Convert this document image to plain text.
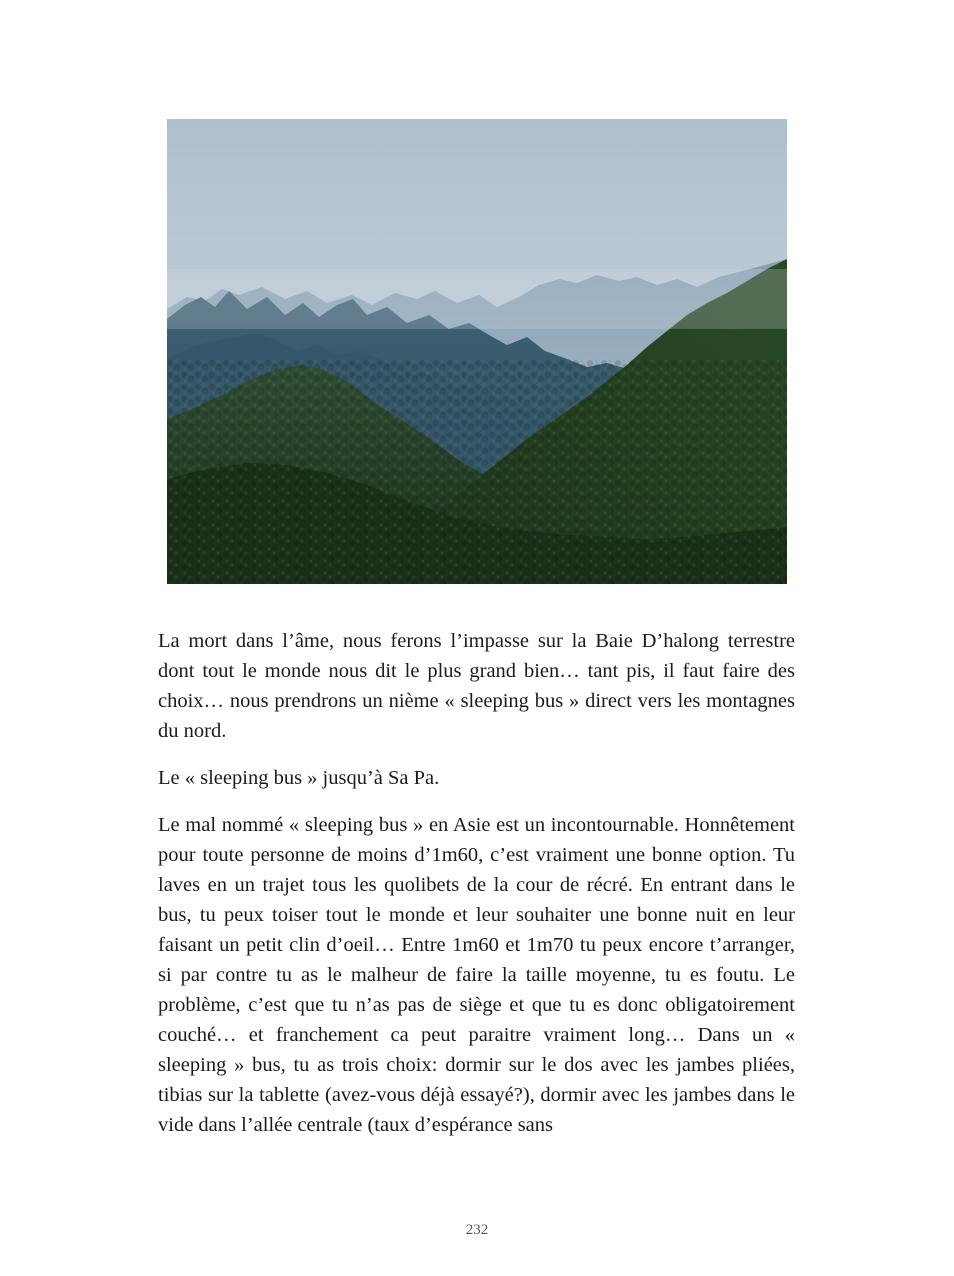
La mort dans l’âme, nous ferons l’impasse sur la Baie D’halong terrestre dont tout le monde nous dit le plus grand bien… tant pis, il faut faire des choix… nous prendrons un nième « sleeping bus » direct vers les montagnes du nord.

Le « sleeping bus » jusqu’à Sa Pa.

Le mal nommé « sleeping bus » en Asie est un incontournable. Honnêtement pour toute personne de moins d’1m60, c’est vraiment une bonne option. Tu laves en un trajet tous les quolibets de la cour de récré. En entrant dans le bus, tu peux toiser tout le monde et leur souhaiter une bonne nuit en leur faisant un petit clin d’oeil… Entre 1m60 et 1m70 tu peux encore t’arranger, si par contre tu as le malheur de faire la taille moyenne, tu es foutu. Le problème, c’est que tu n’as pas de siège et que tu es donc obligatoirement couché… et franchement ca peut paraitre vraiment long… Dans un « sleeping » bus, tu as trois choix: dormir sur le dos avec les jambes pliées, tibias sur la tablette (avez-vous déjà essayé?), dormir avec les jambes dans le vide dans l’allée centrale (taux d’espérance sans

232
